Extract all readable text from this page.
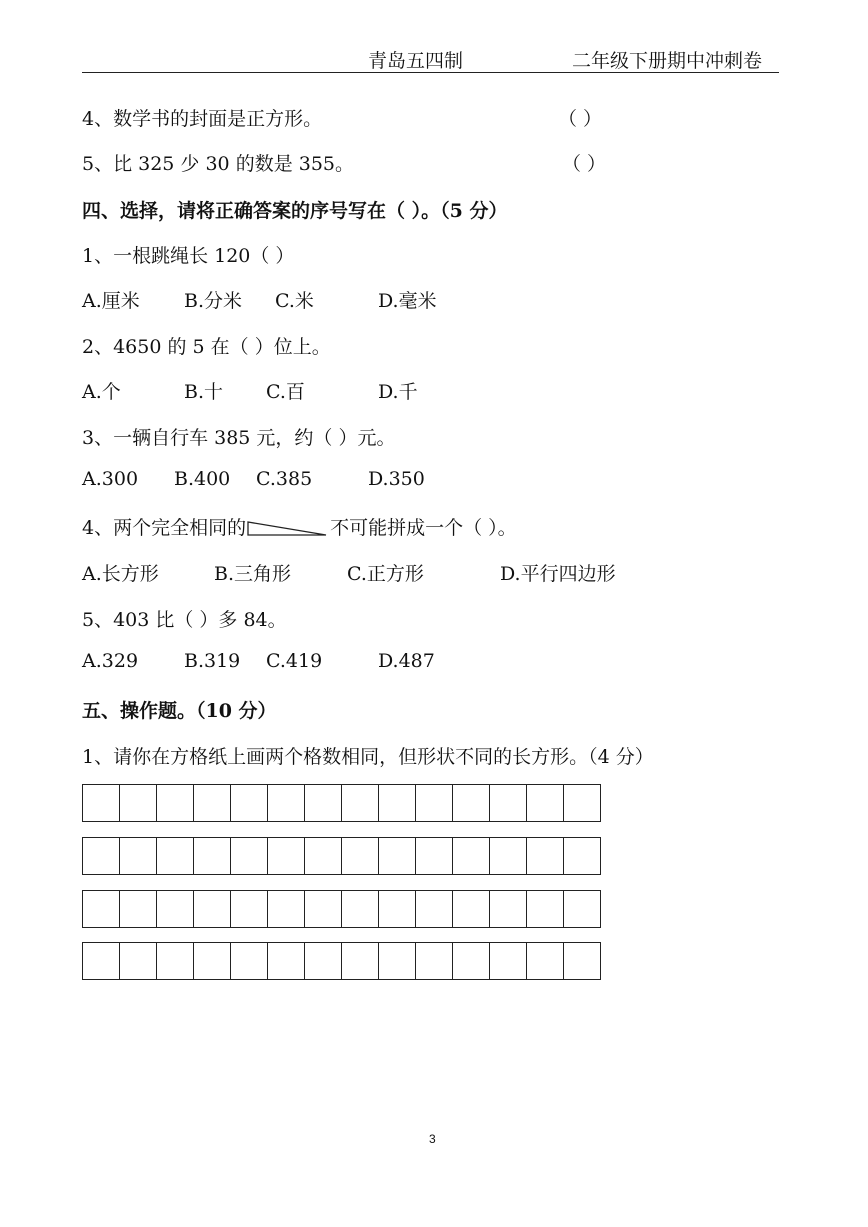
青岛五四制	二年级下册期中冲刺卷
4、数学书的封面是正方形。	（ ）
5、比 325 少 30 的数是 355。	（ ）
四、选择，请将正确答案的序号写在（ ）。（5 分）
1、一根跳绳长 120（ ）
A.厘米 B.分米 C.米	D.毫米
2、4650 的 5 在（ ）位上。
A.个	B.十 C.百	D.千
3、一辆自行车 385 元，约（ ）元。
A.300 B.400 C.385	D.350
4、两个完全相同的	不可能拼成一个（ ）。
A.长方形	B.三角形	C.正方形	D.平行四边形
5、403 比（ ）多 84。
A.329 B.319 C.419	D.487
五、操作题。（10 分）
1、请你在方格纸上画两个格数相同，但形状不同的长方形。（4 分）
3
